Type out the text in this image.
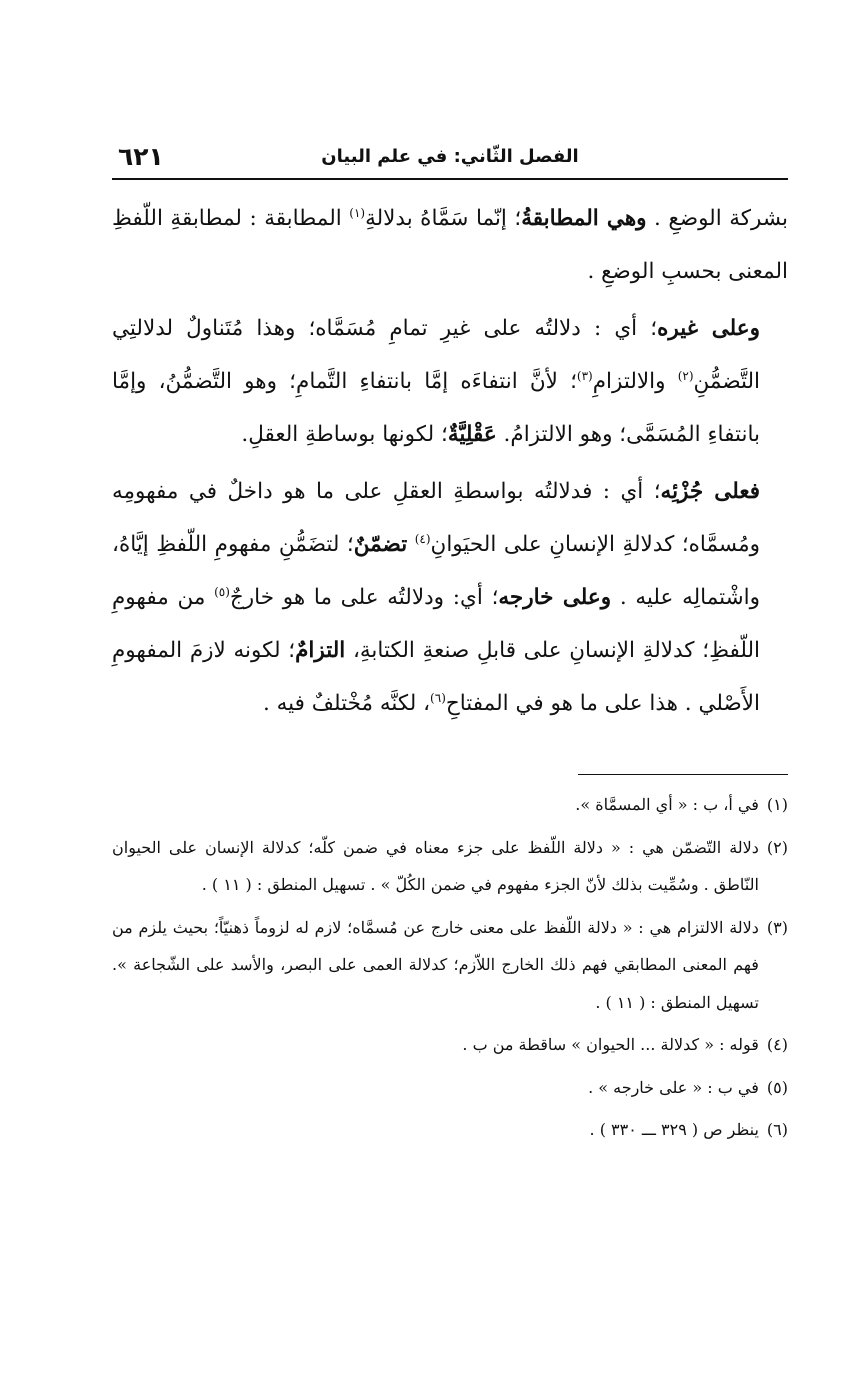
٦٢١	الفصل الثّاني: في علم البيان

بشركة الوضعِ . وهي المطابقةُ؛ إنّما سَمَّاهُ بدلالةِ$^{(١)}$ المطابقة : لمطابقةِ اللّفظِ المعنى بحسبِ الوضعِ .

وعلى غيره؛ أي : دلالتُه على غيرِ تمامِ مُسَمَّاه؛ وهذا مُتَناولٌ لدلالتِي التَّضمُّنِ$^{(٢)}$ والالتزامِ$^{(٣)}$؛ لأنَّ انتفاءَه إمَّا بانتفاءِ التَّمامِ؛ وهو التَّضمُّنُ، وإمَّا بانتفاءِ المُسَمَّى؛ وهو الالتزامُ. عَقْلِيَّةٌ؛ لكونها بوساطةِ العقلِ.

فعلى جُزْئِه؛ أي : فدلالتُه بواسطةِ العقلِ على ما هو داخلٌ في مفهومِه ومُسمَّاه؛ كدلالةِ الإنسانِ على الحيَوانِ$^{(٤)}$ تضمّنٌ؛ لتضَمُّنِ مفهومِ اللّفظِ إيَّاهُ، واشْتمالِه عليه . وعلى خارجه؛ أي: ودلالتُه على ما هو خارجٌ$^{(٥)}$ من مفهومِ اللّفظِ؛ كدلالةِ الإنسانِ على قابلِ صنعةِ الكتابةِ، التزامٌ؛ لكونه لازمَ المفهومِ الأَصْلي . هذا على ما هو في المفتاحِ$^{(٦)}$، لكنَّه مُخْتلفٌ فيه .

(١)
في أ، ب : « أي المسمَّاة ».
(٢)
دلالة التّضمّن هي : « دلالة اللّفظ على جزء معناه في ضمن كلّه؛ كدلالة الإنسان على الحيوان النّاطق . وسُمِّيت بذلك لأنّ الجزء مفهوم في ضمن الكُلّ » . تسهيل المنطق : ( ١١ ) .
(٣)
دلالة الالتزام هي : « دلالة اللّفظ على معنى خارج عن مُسمَّاه؛ لازم له لزوماً ذهنيّاً؛ بحيث يلزم من فهم المعنى المطابقي فهم ذلك الخارج اللاّزم؛ كدلالة العمى على البصر، والأسد على الشّجاعة ». تسهيل المنطق : ( ١١ ) .
(٤)
قوله : « كدلالة ... الحيوان » ساقطة من ب .
(٥)
في ب : « على خارجه » .
(٦)
ينظر ص ( ٣٢٩ ـــ ٣٣٠ ) .
